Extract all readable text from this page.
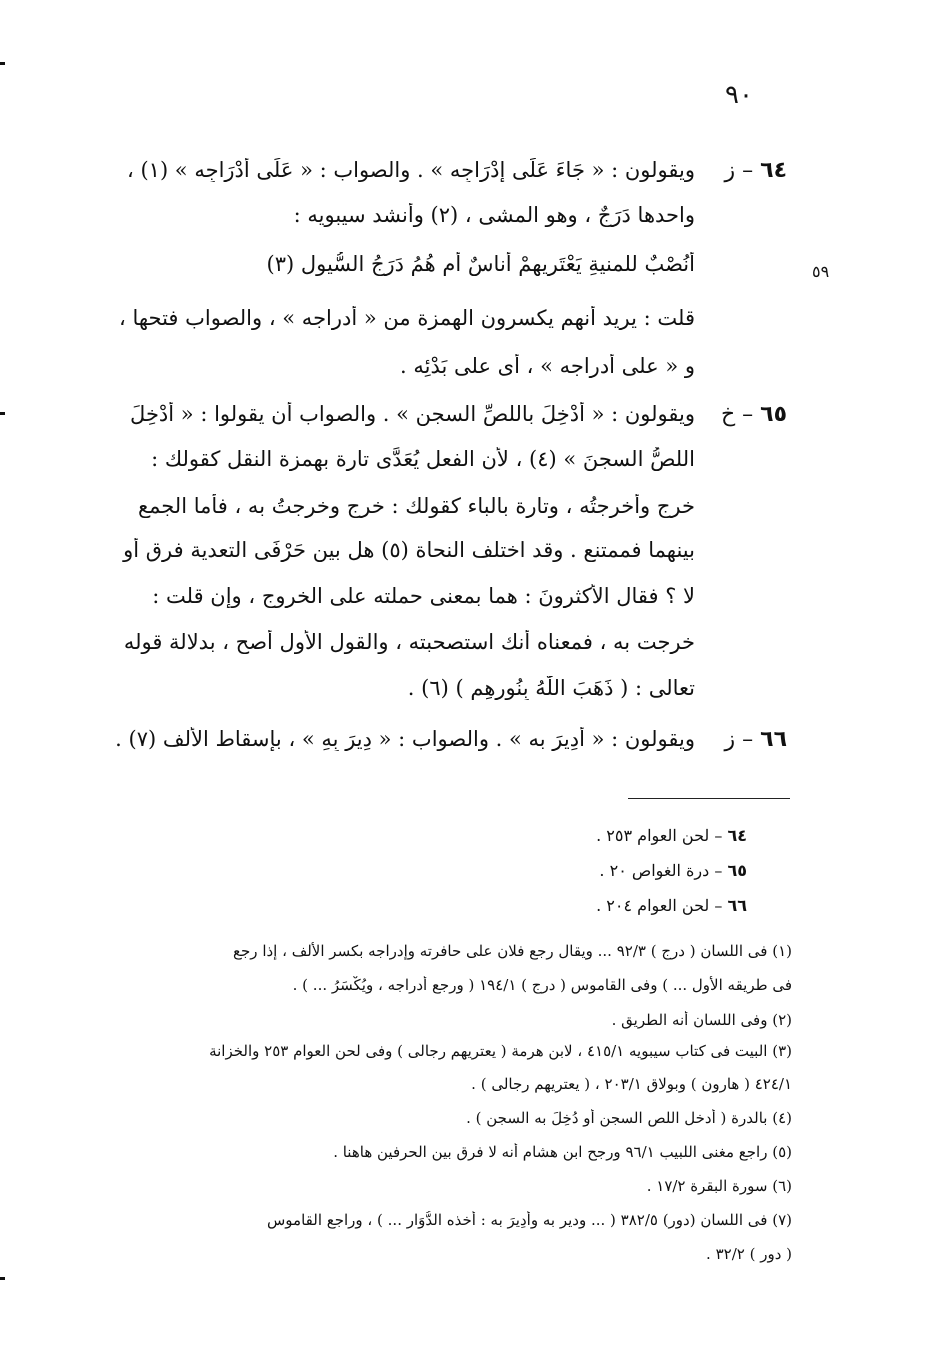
٩٠
٥٩
٦٤ – ز
ويقولون : « جَاءَ عَلَى إِدْرَاجِه » . والصواب : « عَلَى أُدْرَاجِه » (١) ،
واحدها دَرَجٌ ، وهو المشى ، (٢) وأنشد سيبويه :
أَنُصْبٌ للمنيةِ يَعْتَرِيهِمْ أناسٌ أم هُمُ دَرَجُ السُّيولِ (٣)
قلت : يريد أنهم يكسرون الهمزة من « أدراجه » ، والصواب فتحها ،
و « على أُدراجه » ، أى على بَدْئِه .
٦٥ – خ
ويقولون : « أُدْخِلَ باللصِّ السجن » . والصواب أن يقولوا : « أُدْخِلَ
اللصُّ السجنَ » (٤) ، لأن الفعل يُعَدَّى تارة بهمزة النقل كقولك :
خرج وأخرجتُه ، وتارة بالباء كقولك : خرج وخرجتُ به ، فأما الجمع
بينهما فممتنع . وقد اختلف النحاة (٥) هل بين حَرْفَى التعدية فرق أو
لا ؟ فقال الأكثرونَ : هما بمعنى حملته على الخروج ، وإن قلت :
خرجت به ، فمعناه أنك استصحبته ، والقول الأول أصح ، بدلالة قوله
تعالى : ( ذَهَبَ اللّٰهُ بِنُورِهِم ) (٦) .
٦٦ – ز
ويقولون : « أُدِيرَ به » . والصواب : « دِيرَ بِهِ » ، بإسقاط الألف (٧) .
٦٤ – لحن العوام ٢٥٣ .
٦٥ – درة الغواص ٢٠ .
٦٦ – لحن العوام ٢٠٤ .
(١) فى اللسان ( درج ) ٩٢/٣ ... ويقال رجع فلان على حافرته وإدراجه بكسر الألف ، إذا رجع
فى طريقه الأول ... ) وفى القاموس ( درج ) ١٩٤/١ ( ورجع أدراجه ، ويُكْسَرُ ... ) .
(٢) وفى اللسان أنه الطريق .
(٣) البيت فى كتاب سيبويه ٤١٥/١ ، لابن هرمة ( يعتريهم رجالى ) وفى لحن العوام ٢٥٣ والخزانة
٤٢٤/١ ( هارون ) وبولاق ٢٠٣/١ ، ( يعتريهم رجالى ) .
(٤) بالدرة ( أدخل اللص السجن أو دُخِلَ به السجن ) .
(٥) راجع مغنى اللبيب ٩٦/١ ورجح ابن هشام أنه لا فرق بين الحرفين هاهنا .
(٦) سورة البقرة ١٧/٢ .
(٧) فى اللسان (دور) ٣٨٢/٥ ( ... ودير به وأُدِيرَ به : أخذه الدُّوَار ... ) ، وراجع القاموس
( دور ) ٣٢/٢ .
